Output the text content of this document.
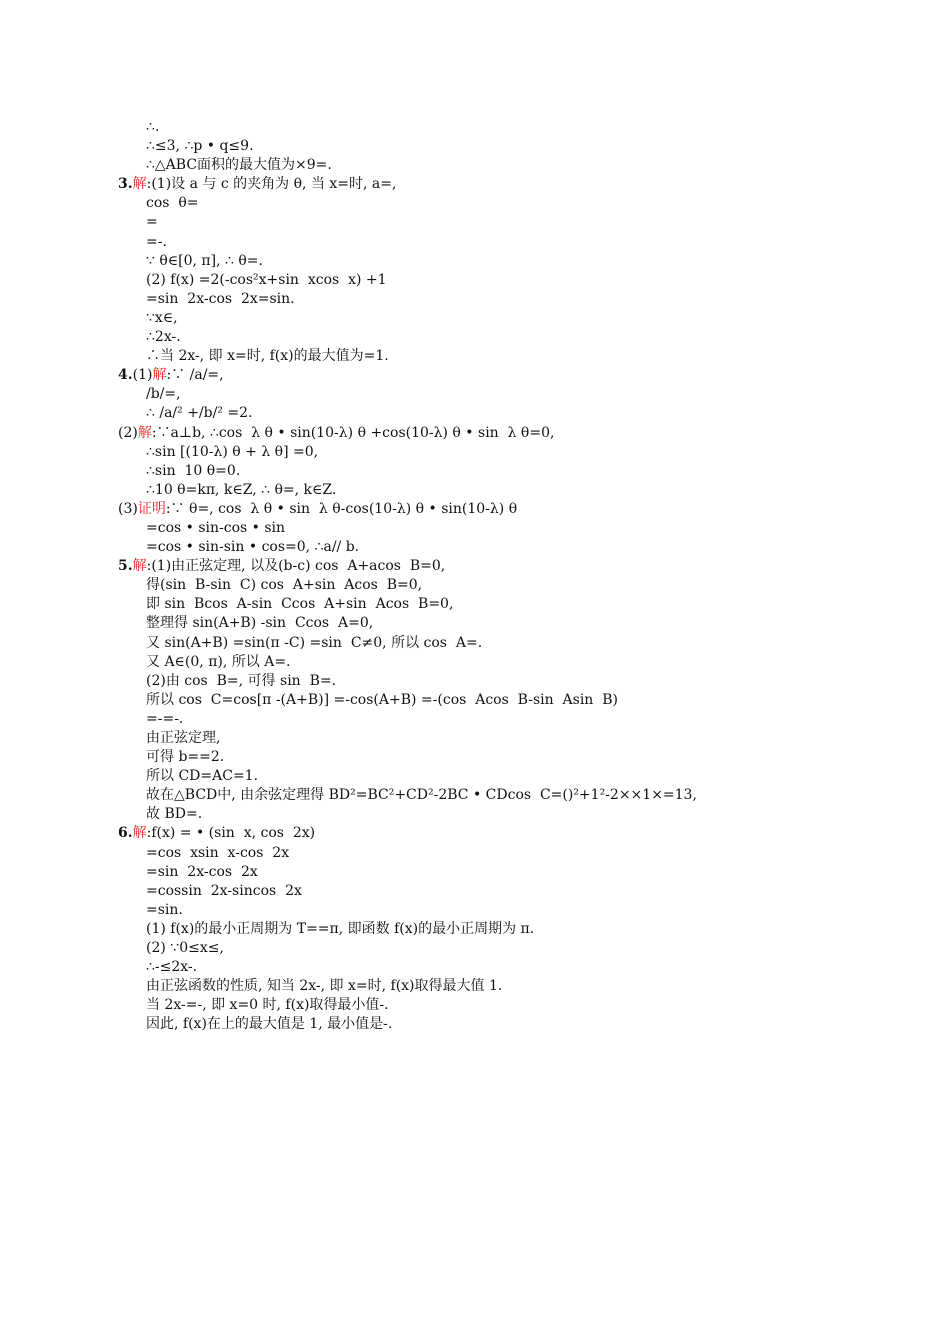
∴.
∴≤3, ∴p • q≤9.
∴△ABC面积的最大值为×9=.
3.解:(1)设 a 与 c 的夹角为 θ, 当 x=时, a=,
cos  θ=
=
=-.
∵ θ∈[0, π], ∴ θ=.
(2) f(x) =2(-cos²x+sin  xcos  x) +1
=sin  2x-cos  2x=sin.
∵x∈,
∴2x-.
∴当 2x-, 即 x=时, f(x)的最大值为=1.
4.(1)解:∵ /a/=,
/b/=,
∴ /a/² +/b/² =2.
(2)解:∵a⊥b, ∴cos  λ θ • sin(10-λ) θ +cos(10-λ) θ • sin  λ θ=0,
∴sin [(10-λ) θ + λ θ] =0,
∴sin  10 θ=0.
∴10 θ=kπ, k∈Z, ∴ θ=, k∈Z.
(3)证明:∵ θ=, cos  λ θ • sin  λ θ-cos(10-λ) θ • sin(10-λ) θ
=cos • sin-cos • sin
=cos • sin-sin • cos=0, ∴a// b.
5.解:(1)由正弦定理, 以及(b-c) cos  A+acos  B=0,
得(sin  B-sin  C) cos  A+sin  Acos  B=0,
即 sin  Bcos  A-sin  Ccos  A+sin  Acos  B=0,
整理得 sin(A+B) -sin  Ccos  A=0,
又 sin(A+B) =sin(π -C) =sin  C≠0, 所以 cos  A=.
又 A∈(0, π), 所以 A=.
(2)由 cos  B=, 可得 sin  B=.
所以 cos  C=cos[π -(A+B)] =-cos(A+B) =-(cos  Acos  B-sin  Asin  B)
=-=-.
由正弦定理,
可得 b==2.
所以 CD=AC=1.
故在△BCD中, 由余弦定理得 BD²=BC²+CD²-2BC • CDcos  C=()²+1²-2××1×=13,
故 BD=.
6.解:f(x) = • (sin  x, cos  2x)
=cos  xsin  x-cos  2x
=sin  2x-cos  2x
=cossin  2x-sincos  2x
=sin.
(1) f(x)的最小正周期为 T==π, 即函数 f(x)的最小正周期为 π.
(2) ∵0≤x≤,
∴-≤2x-.
由正弦函数的性质, 知当 2x-, 即 x=时, f(x)取得最大值 1.
当 2x-=-, 即 x=0 时, f(x)取得最小值-.
因此, f(x)在上的最大值是 1, 最小值是-.
